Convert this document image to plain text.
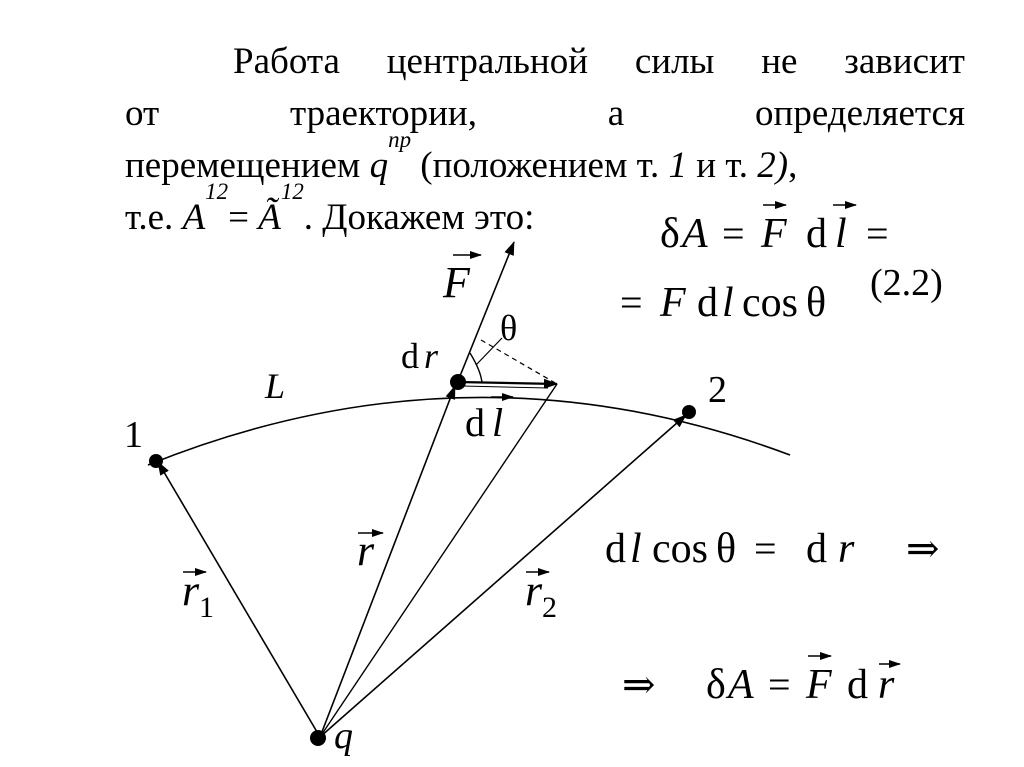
Работа центральной силы не зависит
от	траектории,	а	определяется
перемещением
q
пр
(положением т. 1 и т. 2) ,
т.е. A
12
= Ã
12
. Докажем это:
F
θ
d r
L
1
2
d l
r
r 1	r 2
q
δ A = F d l =
(2.2)
= F d l cos θ
d l cos θ = d r ⇒
⇒ δ A = F d r
